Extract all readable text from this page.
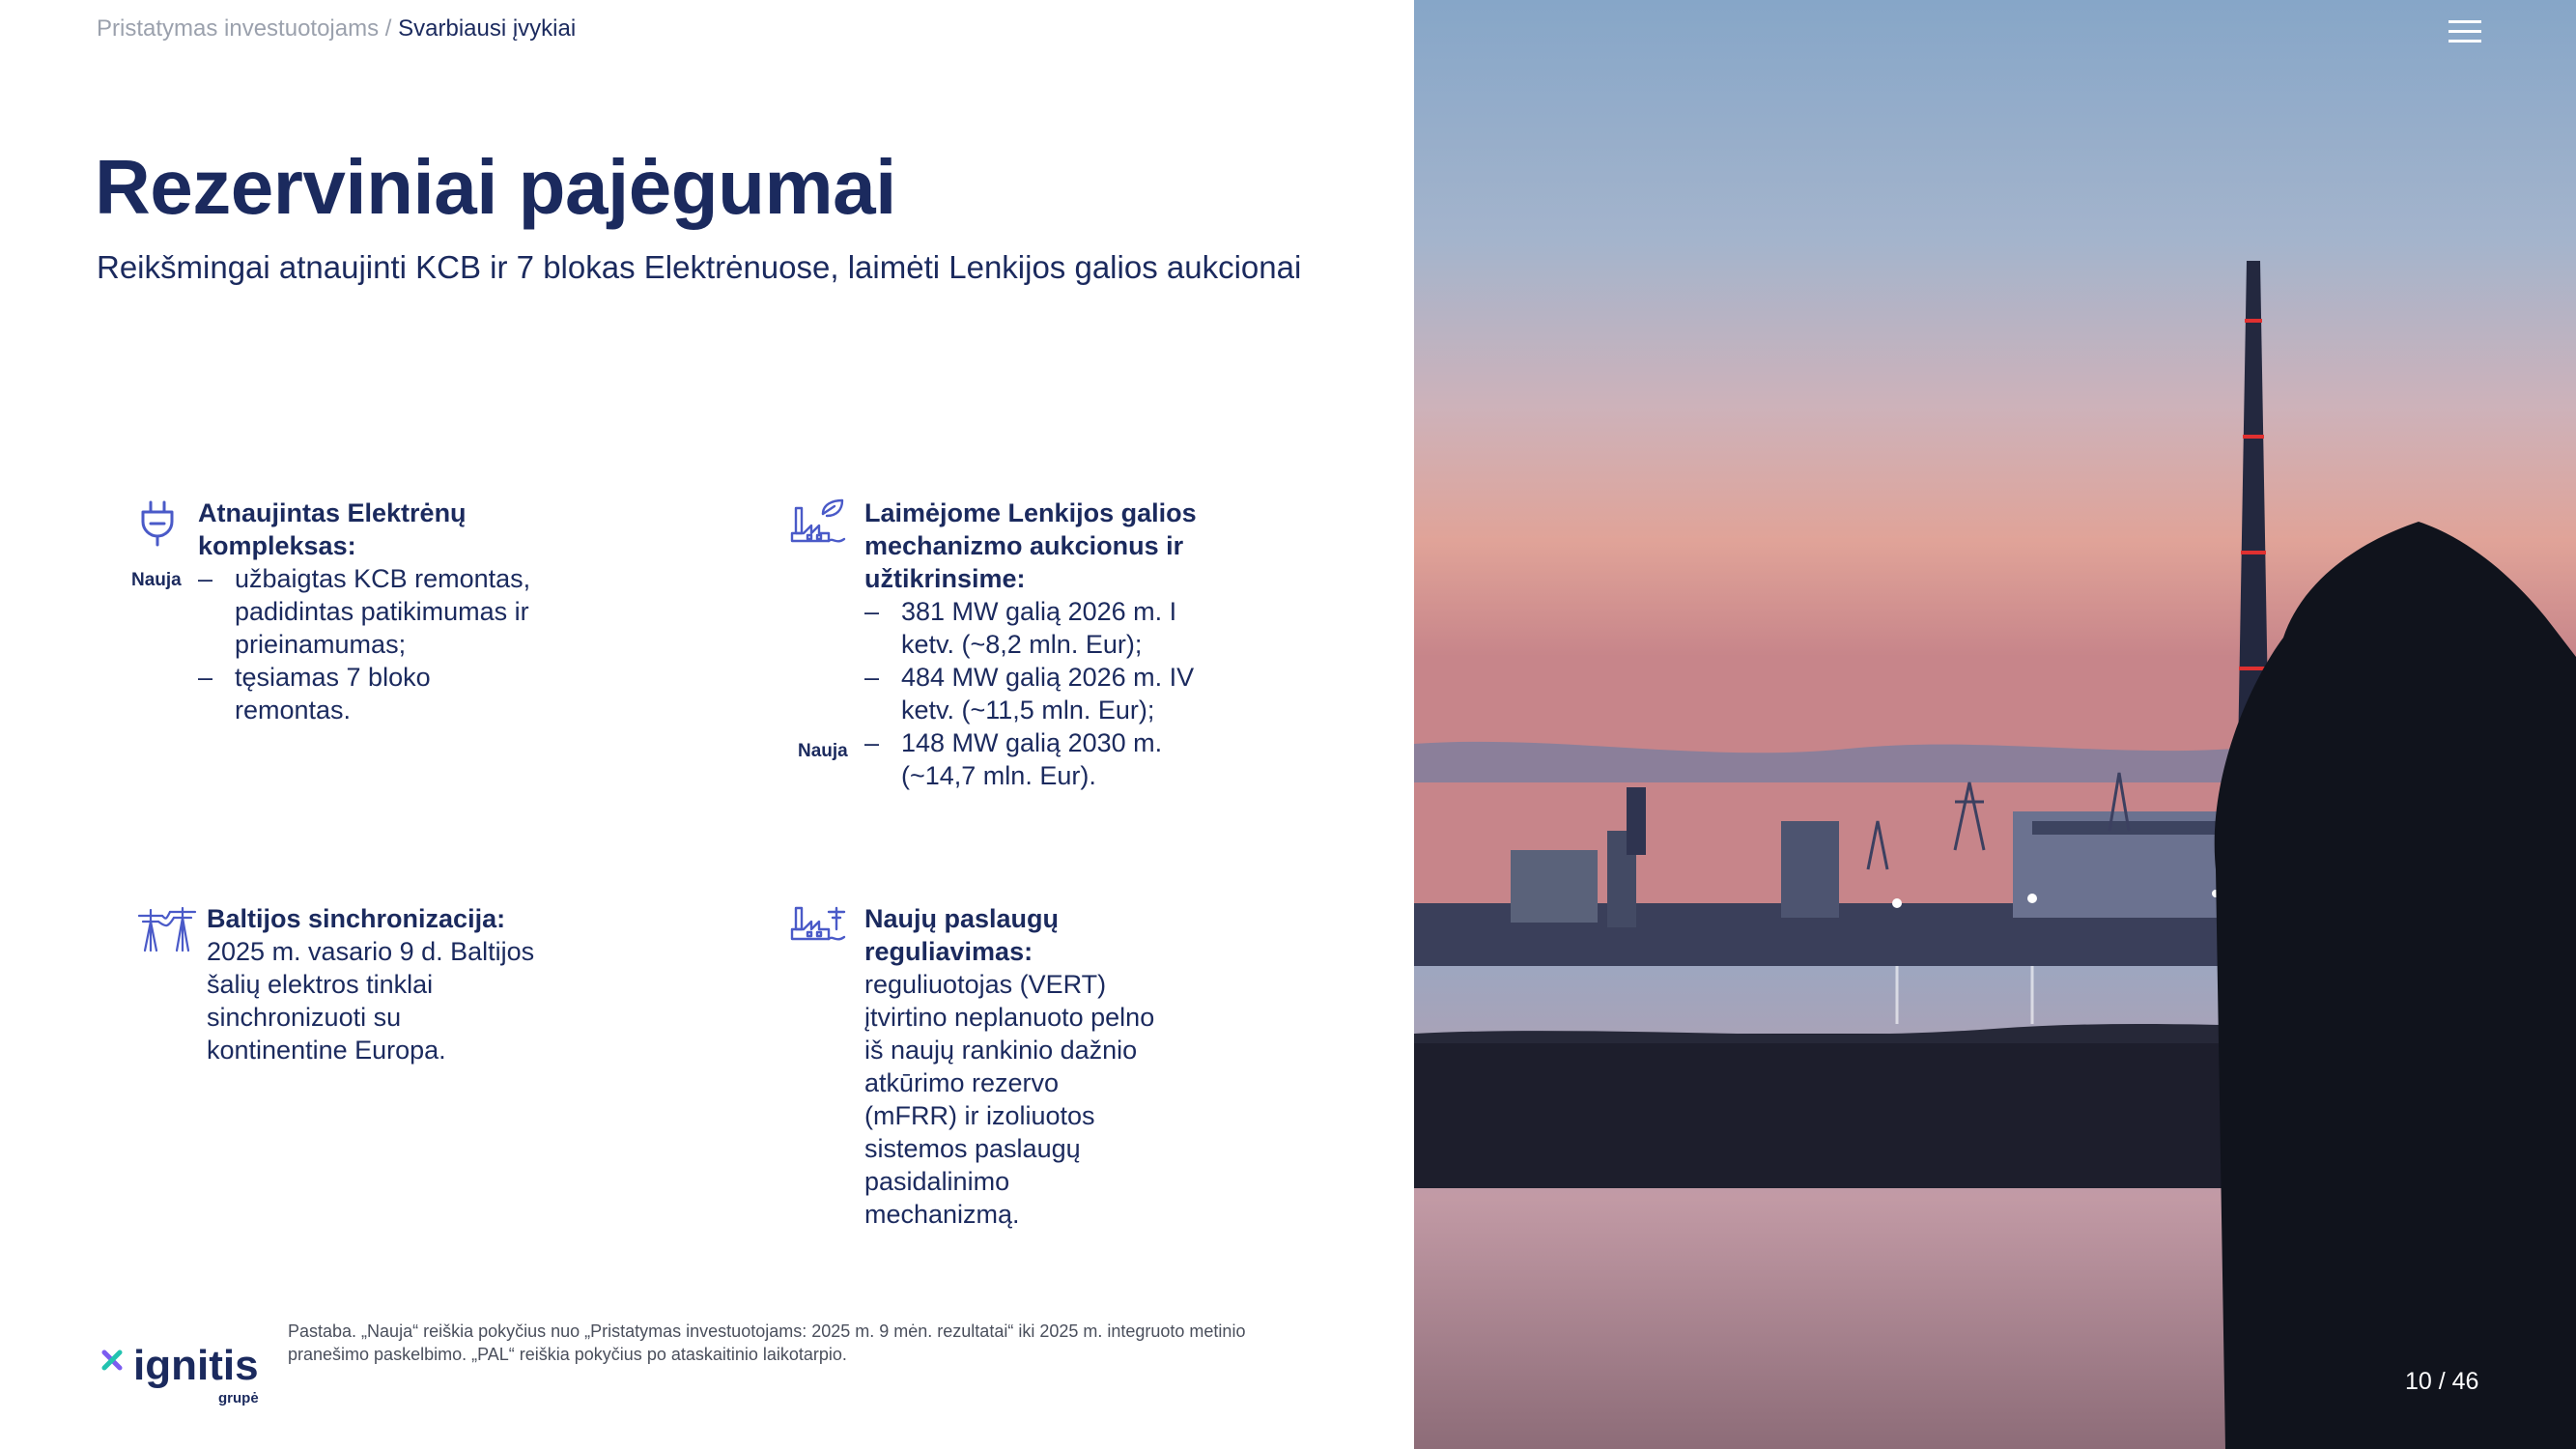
Pristatymas investuotojams / Svarbiausi įvykiai
Rezerviniai pajėgumai
Reikšmingai atnaujinti KCB ir 7 blokas Elektrėnuose, laimėti Lenkijos galios aukcionai
Atnaujintas Elektrėnų
kompleksas:
– užbaigtas KCB remontas,
padidintas patikimumas ir
prieinamumas;
– tęsiamas 7 bloko
remontas.
Nauja
Laimėjome Lenkijos galios
mechanizmo aukcionus ir
užtikrinsime:
– 381 MW galią 2026 m. I
ketv. (~8,2 mln. Eur);
– 484 MW galią 2026 m. IV
ketv. (~11,5 mln. Eur);
– 148 MW galią 2030 m.
(~14,7 mln. Eur).
Nauja
Baltijos sinchronizacija:
2025 m. vasario 9 d. Baltijos
šalių elektros tinklai
sinchronizuoti su
kontinentine Europa.
Naujų paslaugų
reguliavimas:
reguliuotojas (VERT)
įtvirtino neplanuoto pelno
iš naujų rankinio dažnio
atkūrimo rezervo
(mFRR) ir izoliuotos
sistemos paslaugų
pasidalinimo
mechanizmą.
ignitis
grupė
Pastaba. „Nauja“ reiškia pokyčius nuo „Pristatymas investuotojams: 2025 m. 9 mėn. rezultatai“ iki 2025 m. integruoto metinio
pranešimo paskelbimo. „PAL“ reiškia pokyčius po ataskaitinio laikotarpio.
10 / 46
